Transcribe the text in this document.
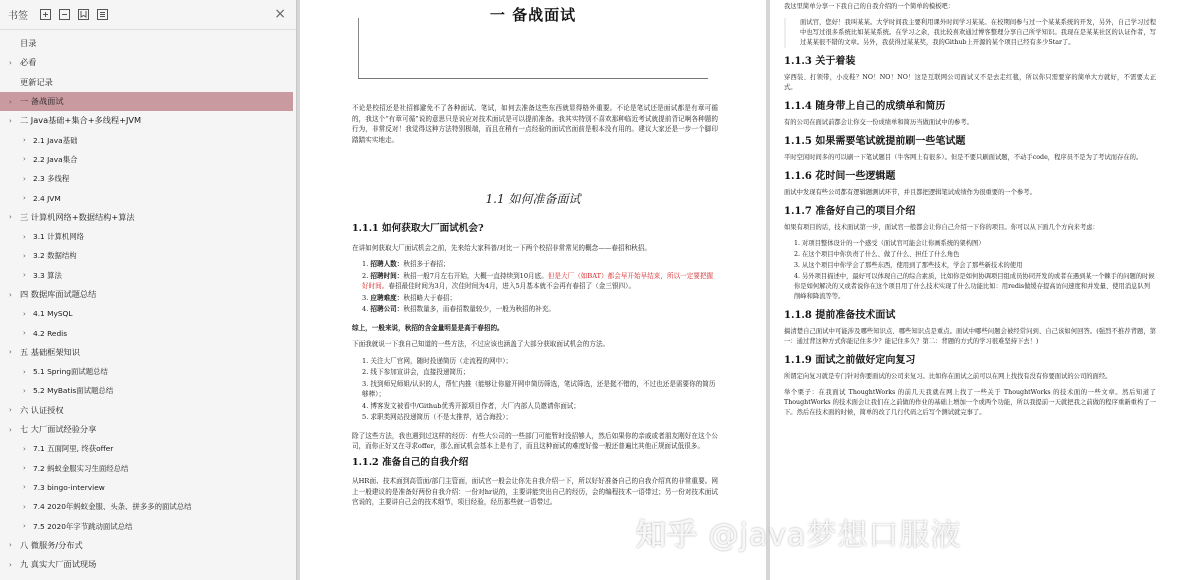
书签	×
目录
› 必看
更新记录
› 一 备战面试
› 二 Java基础+集合+多线程+JVM
› 2.1 Java基础
› 2.2 Java集合
› 2.3 多线程
› 2.4 JVM
› 三 计算机网络+数据结构+算法
› 3.1 计算机网络
› 3.2 数据结构
› 3.3 算法
› 四 数据库面试题总结
› 4.1 MySQL
› 4.2 Redis
› 五 基础框架知识
› 5.1 Spring面试题总结
› 5.2 MyBatis面试题总结
› 六 认证授权
› 七 大厂面试经验分享
› 7.1 五面阿里, 终获offer
› 7.2 蚂蚁金服实习生面经总结
› 7.3 bingo-interview
› 7.4 2020年蚂蚁金服、头条、拼多多的面试总结
› 7.5 2020年字节跳动面试总结
› 八 微服务/分布式
› 九 真实大厂面试现场
一 备战面试

不论是校招还是社招都避免不了各种面试、笔试，如何去准备这些东西就显得格外重要。不论是笔试还是面试都是有章可循的，我这个“有章可循”说的意思只是说应对技术面试是可以提前准备。我其实特别不喜欢那种临近考试就提前背记啊各种题的行为，非常反对！我觉得这种方法特别极端，而且在稍有一点经验的面试官面前是根本没有用的。建议大家还是一步一个脚印踏踏实实地走。

1.1 如何准备面试
1.1.1 如何获取大厂面试机会?

在讲如何获取大厂面试机会之前，先来给大家科普/对比一下两个校招非常常见的概念——春招和秋招。

1. 招聘人数：秋招多于春招；
2. 招聘时间：秋招一般7月左右开始，大概一直持续到10月底。但是大厂（如BAT）都会早开始早结束，所以一定要把握好时间。春招最佳时间为3月，次佳时间为4月，进入5月基本就不会再有春招了（金三银四）。
3. 应聘难度：秋招略大于春招；
4. 招聘公司：秋招数量多，而春招数量较少，一般为秋招的补充。

综上，一般来说，秋招的含金量明显是高于春招的。

下面我就说一下我自己知道的一些方法，不过应该也涵盖了大部分获取面试机会的方法。

1. 关注大厂官网，随时投递简历（走流程的网申）；
2. 线下参加宣讲会，直接投递简历；
3. 找到师兄师姐/认识的人，帮忙内推（能够让你避开网申简历筛选，笔试筛选，还是挺不错的，不过也还是需要你的简历够棒）；
4. 博客发文被看中/Github优秀开源项目作者，大厂内部人员邀请你面试；
5. 求职类网站投递简历（不是太推荐，适合海投）；

除了这些方法，我也遇到过这样的经历：有些大公司的一些部门可能暂时没招够人，然后如果你的亲戚或者朋友刚好在这个公司，而你正好又在寻求offer，那么面试机会基本上是有了，而且这种面试的难度好像一般还普遍比其他正规面试低很多。

1.1.2 准备自己的自我介绍

从HR面、技术面到高管面/部门主管面，面试官一般会让你先自我介绍一下，所以好好准备自己的自我介绍真的非常重要。网上一般建议的是准备好两份自我介绍：一份对hr说的，主要讲能突出自己的经历，会的编程技术一语带过；另一份对技术面试官说的，主要讲自己会的技术细节，项目经验，经历那些就一语带过。

我这里简单分享一下我自己的自我介绍的一个简单的模板吧：

面试官，您好！我叫某某。大学时间我主要利用课外时间学习某某。在校期间参与过一个某某系统的开发，另外，自己学习过程中也写过很多系统比如某某系统。在学习之余，我比较喜欢通过博客整理分享自己所学知识。我现在是某某社区的认证作者，写过某某很不错的文章。另外，我获得过某某奖，我的Github上开源的某个项目已经有多少Star了。

1.1.3 关于着装

穿西装、打领带，小皮鞋？NO！NO！NO！这是互联网公司面试又不是去走红毯，所以你只需要穿的简单大方就好，不需要太正式。

1.1.4 随身带上自己的成绩单和简历

有的公司在面试前都会让你交一份成绩单和简历当做面试中的参考。

1.1.5 如果需要笔试就提前刷一些笔试题

平时空闲时间多的可以刷一下笔试题目（牛客网上有很多）。但是不要只刷面试题，不动手code，程序员不是为了考试而存在的。

1.1.6 花时间一些逻辑题

面试中发现有些公司都有逻辑题测试环节，并且都把逻辑笔试成绩作为很重要的一个参考。

1.1.7 准备好自己的项目介绍

如果有项目的话，技术面试第一步，面试官一般都会让你自己介绍一下你的项目。你可以从下面几个方向来考虑：

1. 对项目整体设计的一个感受（面试官可能会让你画系统的架构图）
2. 在这个项目中你负责了什么、做了什么、担任了什么角色
3. 从这个项目中你学会了那些东西，使用到了那些技术，学会了那些新技术的使用
4. 另外项目描述中，最好可以体现自己的综合素质，比如你是如何协调项目组成员协同开发的或者在遇到某一个棘手的问题的时候你是如何解决的又或者说你在这个项目用了什么技术实现了什么功能比如：用redis做缓存提高访问速度和并发量、使用消息队列削峰和降流等等。
1.1.8 提前准备技术面试

搞清楚自己面试中可能涉及哪些知识点、哪些知识点是重点。面试中哪些问题会被经常问到、自己该如何回答。(强烈不推荐背题，第一：通过背这种方式你能记住多少？能记住多久？第二：背题的方式的学习很难坚持下去！)

1.1.9 面试之前做好定向复习

所谓定向复习就是专门针对你要面试的公司来复习。比如你在面试之前可以在网上找找有没有你要面试的公司的面经。

举个栗子：在我面试 ThoughtWorks 的前几天我就在网上找了一些关于 ThoughtWorks 的技术面的一些文章。然后知道了 ThoughtWorks 的技术面会让我们在之前做的作业的基础上增加一个或两个功能，所以我提前一天就把我之前做的程序重新重构了一下。然后在技术面的时候，简单的改了几行代码之后写个测试就完事了。

知乎 @java梦想口服液
